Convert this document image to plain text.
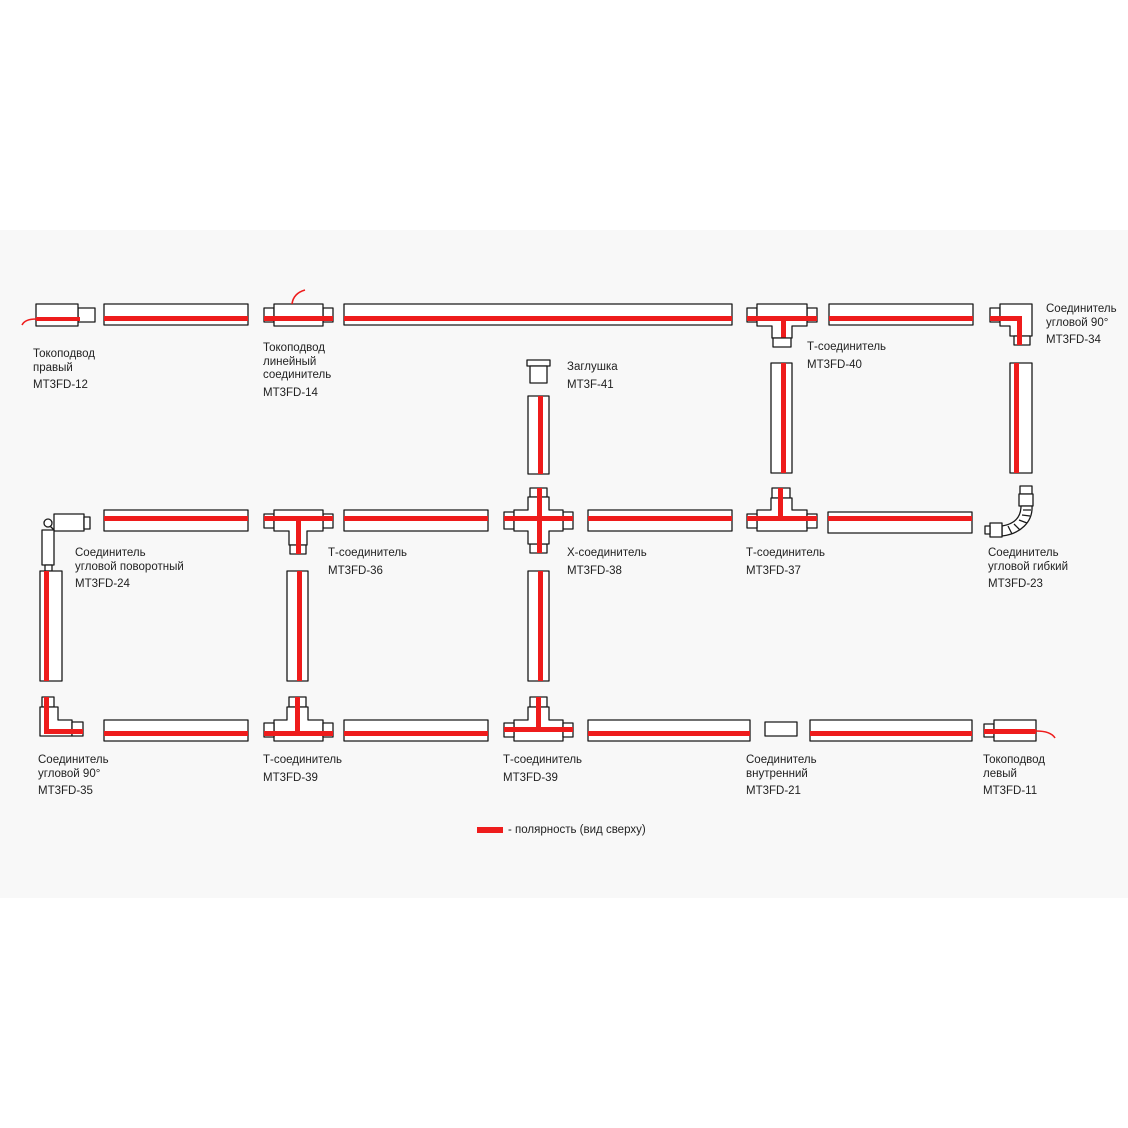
Токоподвод
правый
MT3FD-12
Токоподвод
линейный
соединитель
MT3FD-14
Заглушка
MT3F-41
Т-соединитель
MT3FD-40
Соединитель
угловой 90°
MT3FD-34
Соединитель
угловой поворотный
MT3FD-24
Т-соединитель
MT3FD-36
Х-соединитель
MT3FD-38
Т-соединитель
MT3FD-37
Соединитель
угловой гибкий
MT3FD-23
Соединитель
угловой 90°
MT3FD-35
Т-соединитель
MT3FD-39
Т-соединитель
MT3FD-39
Соединитель
внутренний
MT3FD-21
Токоподвод
левый
MT3FD-11
- полярность (вид сверху)
